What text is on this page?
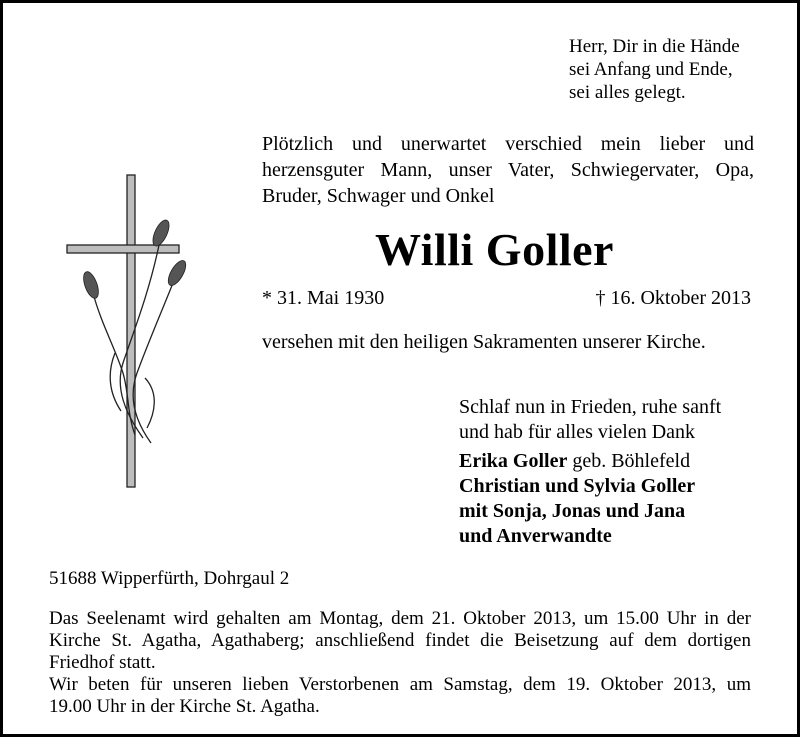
Herr, Dir in die Hände
sei Anfang und Ende,
sei alles gelegt.
Plötzlich und unerwartet verschied mein lieber und
herzensguter Mann, unser Vater, Schwiegervater, Opa,
Bruder, Schwager und Onkel
Willi Goller
* 31. Mai 1930	† 16. Oktober 2013
versehen mit den heiligen Sakramenten unserer Kirche.
Schlaf nun in Frieden, ruhe sanft
und hab für alles vielen Dank
Erika Goller geb. Böhlefeld
Christian und Sylvia Goller
mit Sonja, Jonas und Jana
und Anverwandte
51688 Wipperfürth, Dohrgaul 2
Das Seelenamt wird gehalten am Montag, dem 21. Oktober 2013, um 15.00 Uhr in der
Kirche St. Agatha, Agathaberg; anschließend findet die Beisetzung auf dem dortigen
Friedhof statt.
Wir beten für unseren lieben Verstorbenen am Samstag, dem 19. Oktober 2013, um
19.00 Uhr in der Kirche St. Agatha.
